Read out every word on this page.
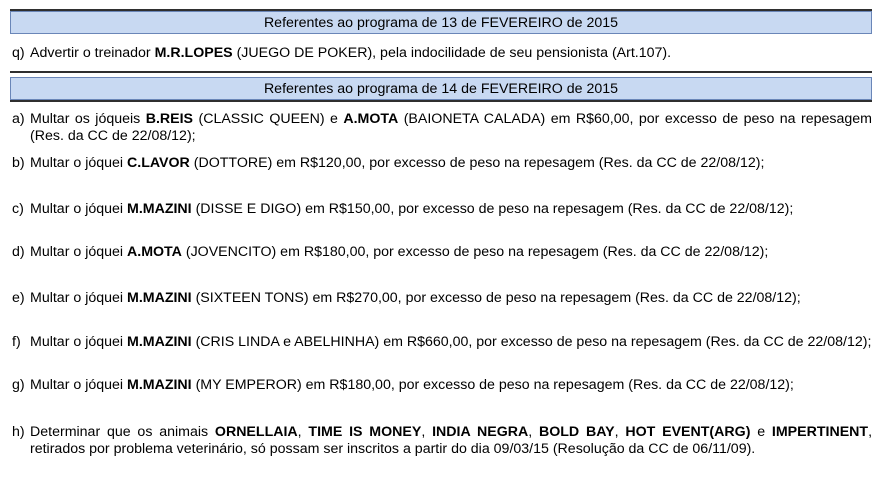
Referentes ao programa de 13 de FEVEREIRO de 2015
q) Advertir o treinador M.R.LOPES (JUEGO DE POKER), pela indocilidade de seu pensionista (Art.107).
Referentes ao programa de 14 de FEVEREIRO de 2015
a) Multar os jóqueis B.REIS (CLASSIC QUEEN) e A.MOTA (BAIONETA CALADA) em R$60,00, por excesso de peso na repesagem (Res. da CC de 22/08/12);
b) Multar o jóquei C.LAVOR (DOTTORE) em R$120,00, por excesso de peso na repesagem (Res. da CC de 22/08/12);
c) Multar o jóquei M.MAZINI (DISSE E DIGO) em R$150,00, por excesso de peso na repesagem (Res. da CC de 22/08/12);
d) Multar o jóquei A.MOTA (JOVENCITO) em R$180,00, por excesso de peso na repesagem (Res. da CC de 22/08/12);
e) Multar o jóquei M.MAZINI (SIXTEEN TONS) em R$270,00, por excesso de peso na repesagem (Res. da CC de 22/08/12);
f) Multar o jóquei M.MAZINI (CRIS LINDA e ABELHINHA) em R$660,00, por excesso de peso na repesagem (Res. da CC de 22/08/12);
g) Multar o jóquei M.MAZINI (MY EMPEROR) em R$180,00, por excesso de peso na repesagem (Res. da CC de 22/08/12);
h) Determinar que os animais ORNELLAIA, TIME IS MONEY, INDIA NEGRA, BOLD BAY, HOT EVENT(ARG) e IMPERTINENT, retirados por problema veterinário, só possam ser inscritos a partir do dia 09/03/15 (Resolução da CC de 06/11/09).
